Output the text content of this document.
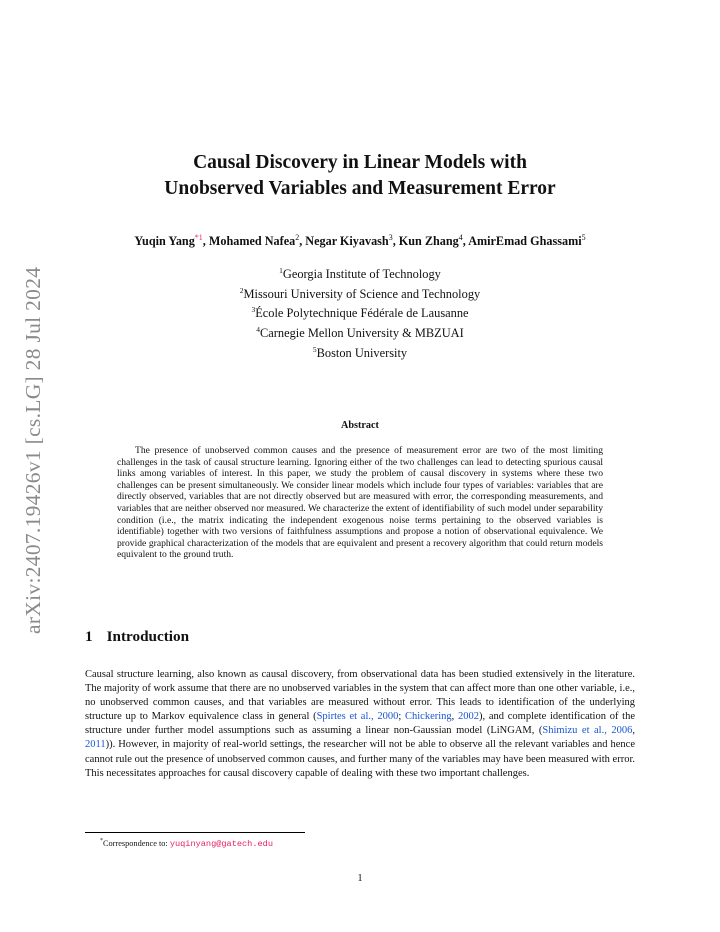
arXiv:2407.19426v1 [cs.LG] 28 Jul 2024
Causal Discovery in Linear Models with
Unobserved Variables and Measurement Error
Yuqin Yang$^{*1}$, Mohamed Nafea$^2$, Negar Kiyavash$^3$, Kun Zhang$^4$, AmirEmad Ghassami$^5$
$^1$Georgia Institute of Technology
$^2$Missouri University of Science and Technology
$^3$École Polytechnique Fédérale de Lausanne
$^4$Carnegie Mellon University & MBZUAI
$^5$Boston University
Abstract
The presence of unobserved common causes and the presence of measurement error are two of the most limiting challenges in the task of causal structure learning. Ignoring either of the two challenges can lead to detecting spurious causal links among variables of interest. In this paper, we study the problem of causal discovery in systems where these two challenges can be present simultaneously. We consider linear models which include four types of variables: variables that are directly observed, variables that are not directly observed but are measured with error, the corresponding measurements, and variables that are neither observed nor measured. We characterize the extent of identifiability of such model under separability condition (i.e., the matrix indicating the independent exogenous noise terms pertaining to the observed variables is identifiable) together with two versions of faithfulness assumptions and propose a notion of observational equivalence. We provide graphical characterization of the models that are equivalent and present a recovery algorithm that could return models equivalent to the ground truth.
1 Introduction
Causal structure learning, also known as causal discovery, from observational data has been studied extensively in the literature. The majority of work assume that there are no unobserved variables in the system that can affect more than one other variable, i.e., no unobserved common causes, and that variables are measured without error. This leads to identification of the underlying structure up to Markov equivalence class in general (Spirtes et al., 2000; Chickering, 2002), and complete identification of the structure under further model assumptions such as assuming a linear non-Gaussian model (LiNGAM, (Shimizu et al., 2006, 2011)). However, in majority of real-world settings, the researcher will not be able to observe all the relevant variables and hence cannot rule out the presence of unobserved common causes, and further many of the variables may have been measured with error. This necessitates approaches for causal discovery capable of dealing with these two important challenges.
*Correspondence to: yuqinyang@gatech.edu
1
